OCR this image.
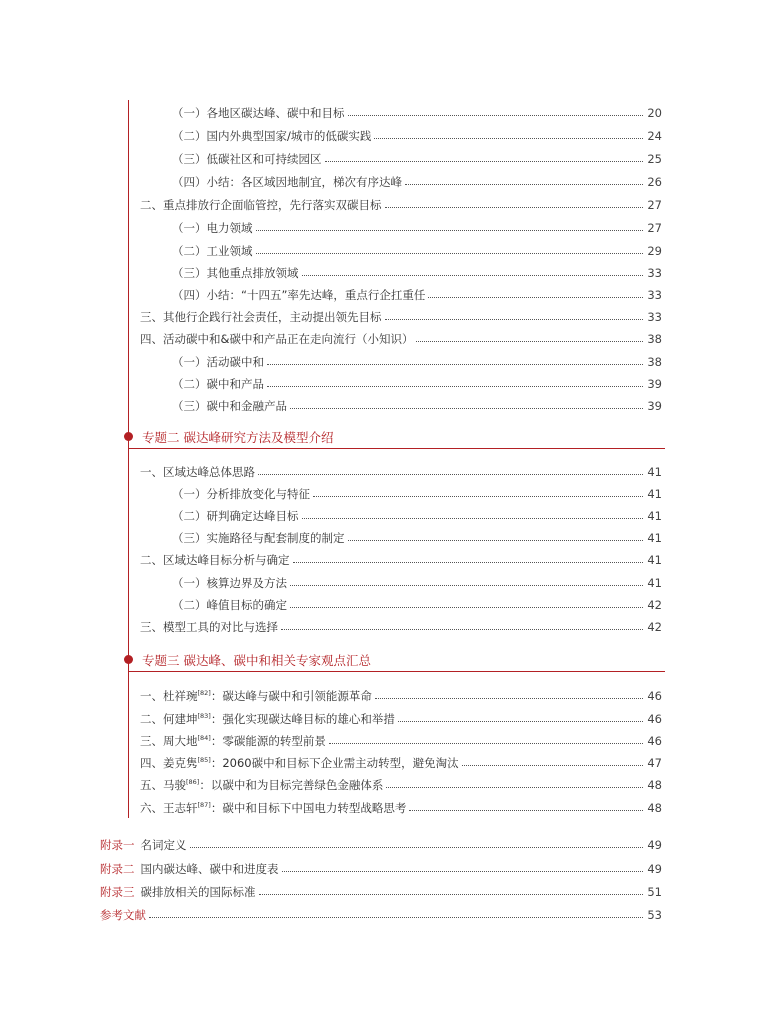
（一）各地区碳达峰、碳中和目标	20
（二）国内外典型国家/城市的低碳实践	24
（三）低碳社区和可持续园区	25
（四）小结：各区域因地制宜，梯次有序达峰	26
二、重点排放行企面临管控，先行落实双碳目标	27
（一）电力领域	27
（二）工业领域	29
（三）其他重点排放领域	33
（四）小结：“十四五”率先达峰，重点行企扛重任	33
三、其他行企践行社会责任，主动提出领先目标	33
四、活动碳中和&碳中和产品正在走向流行（小知识）	38
（一）活动碳中和	38
（二）碳中和产品	39
（三）碳中和金融产品	39
专题二 碳达峰研究方法及模型介绍
一、区域达峰总体思路	41
（一）分析排放变化与特征	41
（二）研判确定达峰目标	41
（三）实施路径与配套制度的制定	41
二、区域达峰目标分析与确定	41
（一）核算边界及方法	41
（二）峰值目标的确定	42
三、模型工具的对比与选择	42
专题三 碳达峰、碳中和相关专家观点汇总
一、杜祥琬[82]：碳达峰与碳中和引领能源革命	46
二、何建坤[83]：强化实现碳达峰目标的雄心和举措	46
三、周大地[84]：零碳能源的转型前景	46
四、姜克隽[85]：2060碳中和目标下企业需主动转型，避免淘汰	47
五、马骏[86]：以碳中和为目标完善绿色金融体系	48
六、王志轩[87]：碳中和目标下中国电力转型战略思考	48
附录一 名词定义	49
附录二 国内碳达峰、碳中和进度表	49
附录三 碳排放相关的国际标准	51
参考文献	53
